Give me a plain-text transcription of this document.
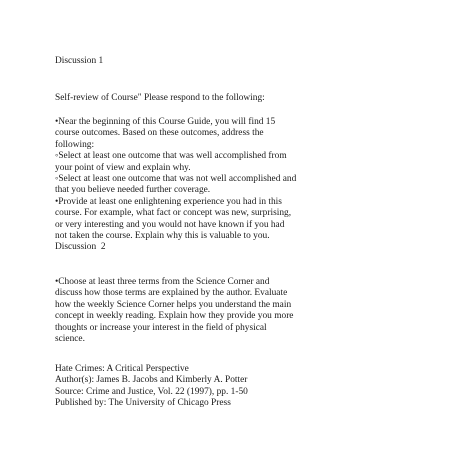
Discussion 1

Self-review of Course" Please respond to the following:

•Near the beginning of this Course Guide, you will find 15
course outcomes. Based on these outcomes, address the
following:
◦Select at least one outcome that was well accomplished from
your point of view and explain why.
◦Select at least one outcome that was not well accomplished and
that you believe needed further coverage.
•Provide at least one enlightening experience you had in this
course. For example, what fact or concept was new, surprising,
or very interesting and you would not have known if you had
not taken the course. Explain why this is valuable to you.

Discussion  2

•Choose at least three terms from the Science Corner and
discuss how those terms are explained by the author. Evaluate
how the weekly Science Corner helps you understand the main
concept in weekly reading. Explain how they provide you more
thoughts or increase your interest in the field of physical
science.

Hate Crimes: A Critical Perspective
Author(s): James B. Jacobs and Kimberly A. Potter
Source: Crime and Justice, Vol. 22 (1997), pp. 1-50
Published by: The University of Chicago Press
